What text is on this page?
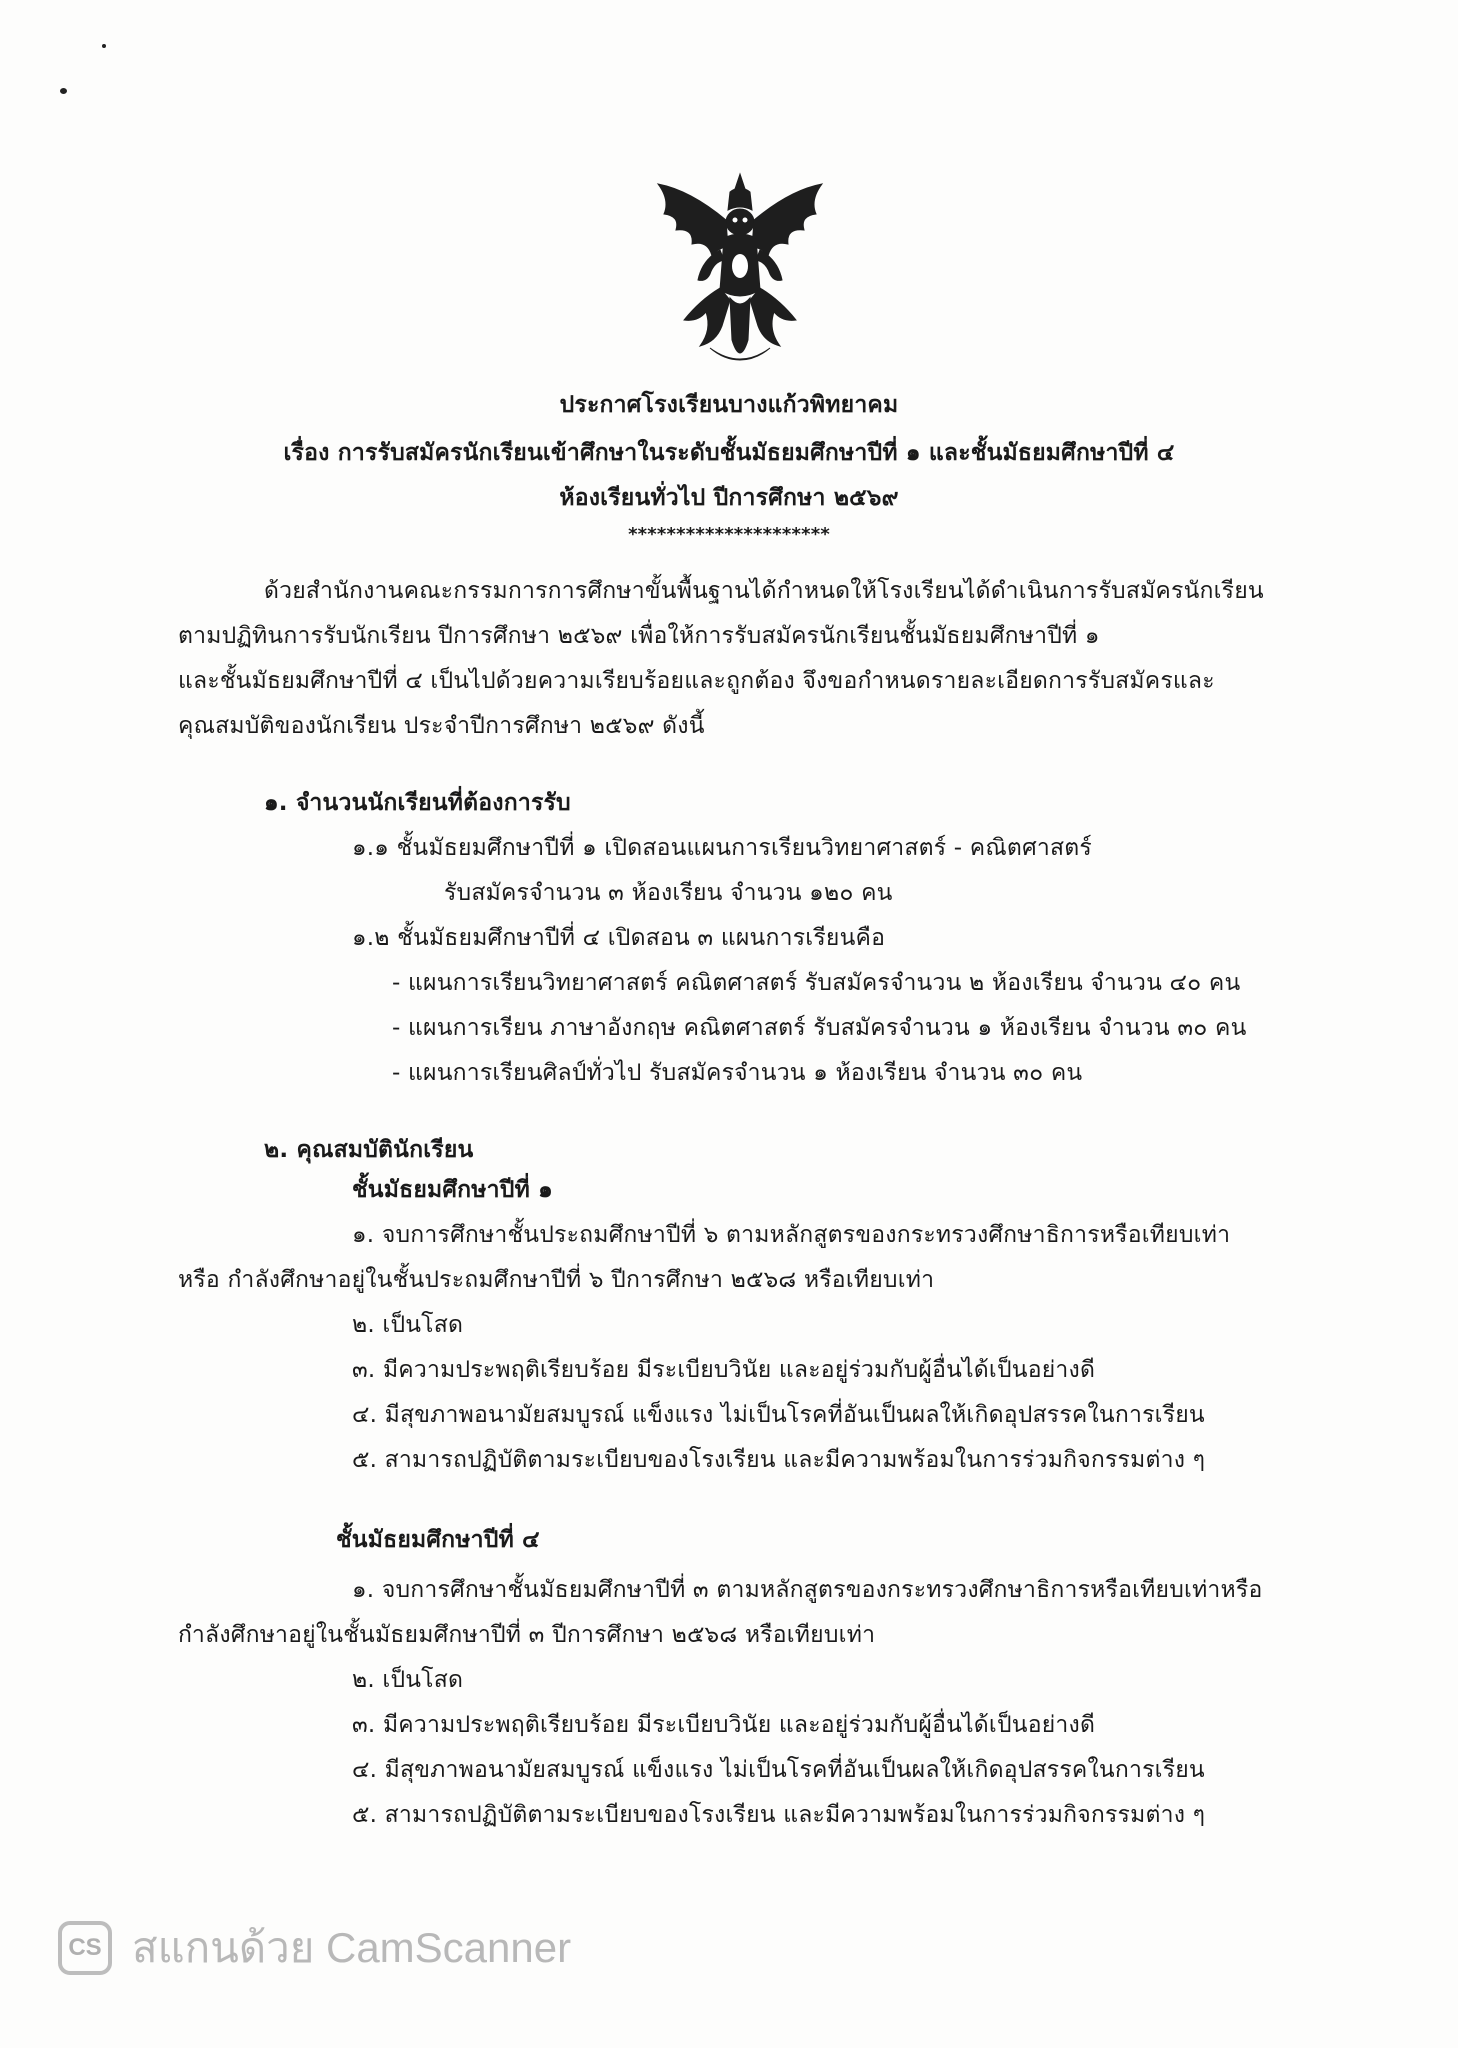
ประกาศโรงเรียนบางแก้วพิทยาคม
เรื่อง การรับสมัครนักเรียนเข้าศึกษาในระดับชั้นมัธยมศึกษาปีที่ ๑ และชั้นมัธยมศึกษาปีที่ ๔
ห้องเรียนทั่วไป ปีการศึกษา ๒๕๖๙
*********************
ด้วยสำนักงานคณะกรรมการการศึกษาขั้นพื้นฐานได้กำหนดให้โรงเรียนได้ดำเนินการรับสมัครนักเรียน
ตามปฏิทินการรับนักเรียน ปีการศึกษา ๒๕๖๙ เพื่อให้การรับสมัครนักเรียนชั้นมัธยมศึกษาปีที่ ๑
และชั้นมัธยมศึกษาปีที่ ๔ เป็นไปด้วยความเรียบร้อยและถูกต้อง จึงขอกำหนดรายละเอียดการรับสมัครและ
คุณสมบัติของนักเรียน ประจำปีการศึกษา ๒๕๖๙ ดังนี้
๑. จำนวนนักเรียนที่ต้องการรับ
๑.๑ ชั้นมัธยมศึกษาปีที่ ๑ เปิดสอนแผนการเรียนวิทยาศาสตร์ - คณิตศาสตร์
รับสมัครจำนวน ๓ ห้องเรียน จำนวน ๑๒๐ คน
๑.๒ ชั้นมัธยมศึกษาปีที่ ๔ เปิดสอน ๓ แผนการเรียนคือ
- แผนการเรียนวิทยาศาสตร์ คณิตศาสตร์ รับสมัครจำนวน ๒ ห้องเรียน จำนวน ๔๐ คน
- แผนการเรียน ภาษาอังกฤษ คณิตศาสตร์ รับสมัครจำนวน ๑ ห้องเรียน จำนวน ๓๐ คน
- แผนการเรียนศิลป์ทั่วไป รับสมัครจำนวน ๑ ห้องเรียน จำนวน ๓๐ คน
๒. คุณสมบัตินักเรียน
ชั้นมัธยมศึกษาปีที่ ๑
๑. จบการศึกษาชั้นประถมศึกษาปีที่ ๖ ตามหลักสูตรของกระทรวงศึกษาธิการหรือเทียบเท่า
หรือ กำลังศึกษาอยู่ในชั้นประถมศึกษาปีที่ ๖ ปีการศึกษา ๒๕๖๘ หรือเทียบเท่า
๒. เป็นโสด
๓. มีความประพฤติเรียบร้อย มีระเบียบวินัย และอยู่ร่วมกับผู้อื่นได้เป็นอย่างดี
๔. มีสุขภาพอนามัยสมบูรณ์ แข็งแรง ไม่เป็นโรคที่อันเป็นผลให้เกิดอุปสรรคในการเรียน
๕. สามารถปฏิบัติตามระเบียบของโรงเรียน และมีความพร้อมในการร่วมกิจกรรมต่าง ๆ
ชั้นมัธยมศึกษาปีที่ ๔
๑. จบการศึกษาชั้นมัธยมศึกษาปีที่ ๓ ตามหลักสูตรของกระทรวงศึกษาธิการหรือเทียบเท่าหรือ
กำลังศึกษาอยู่ในชั้นมัธยมศึกษาปีที่ ๓ ปีการศึกษา ๒๕๖๘ หรือเทียบเท่า
๒. เป็นโสด
๓. มีความประพฤติเรียบร้อย มีระเบียบวินัย และอยู่ร่วมกับผู้อื่นได้เป็นอย่างดี
๔. มีสุขภาพอนามัยสมบูรณ์ แข็งแรง ไม่เป็นโรคที่อันเป็นผลให้เกิดอุปสรรคในการเรียน
๕. สามารถปฏิบัติตามระเบียบของโรงเรียน และมีความพร้อมในการร่วมกิจกรรมต่าง ๆ
CS สแกนด้วย CamScanner
